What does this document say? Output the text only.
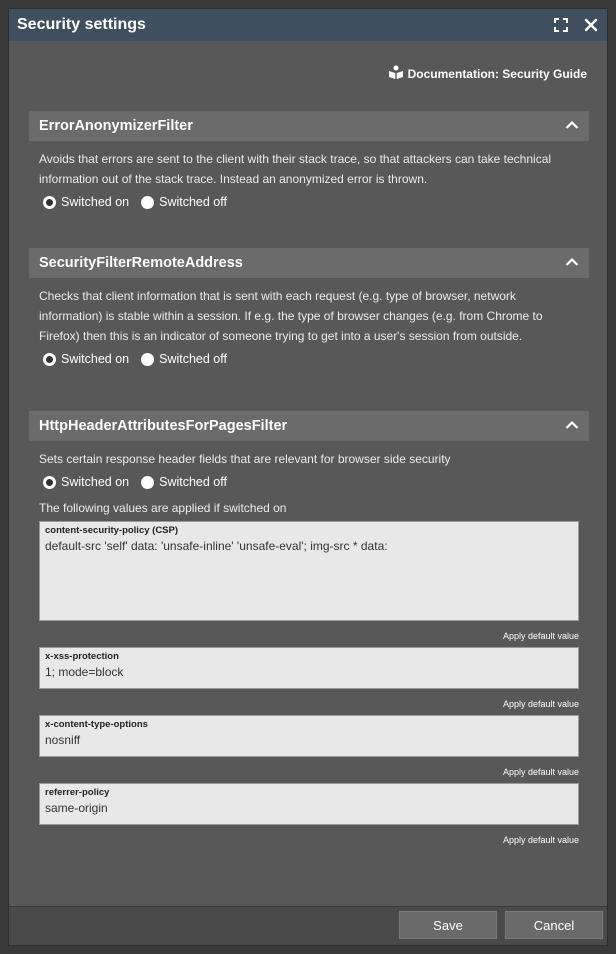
Security settings
Documentation: Security Guide
ErrorAnonymizerFilter
Avoids that errors are sent to the client with their stack trace, so that attackers can take technical information out of the stack trace. Instead an anonymized error is thrown.
Switched on Switched off
SecurityFilterRemoteAddress
Checks that client information that is sent with each request (e.g. type of browser, network information) is stable within a session. If e.g. the type of browser changes (e.g. from Chrome to Firefox) then this is an indicator of someone trying to get into a user's session from outside.
Switched on Switched off
HttpHeaderAttributesForPagesFilter
Sets certain response header fields that are relevant for browser side security
Switched on Switched off
The following values are applied if switched on
content-security-policy (CSP)
default-src 'self' data: 'unsafe-inline' 'unsafe-eval'; img-src * data:
Apply default value
x-xss-protection
1; mode=block
Apply default value
x-content-type-options
nosniff
Apply default value
referrer-policy
same-origin
Apply default value
Save	Cancel
